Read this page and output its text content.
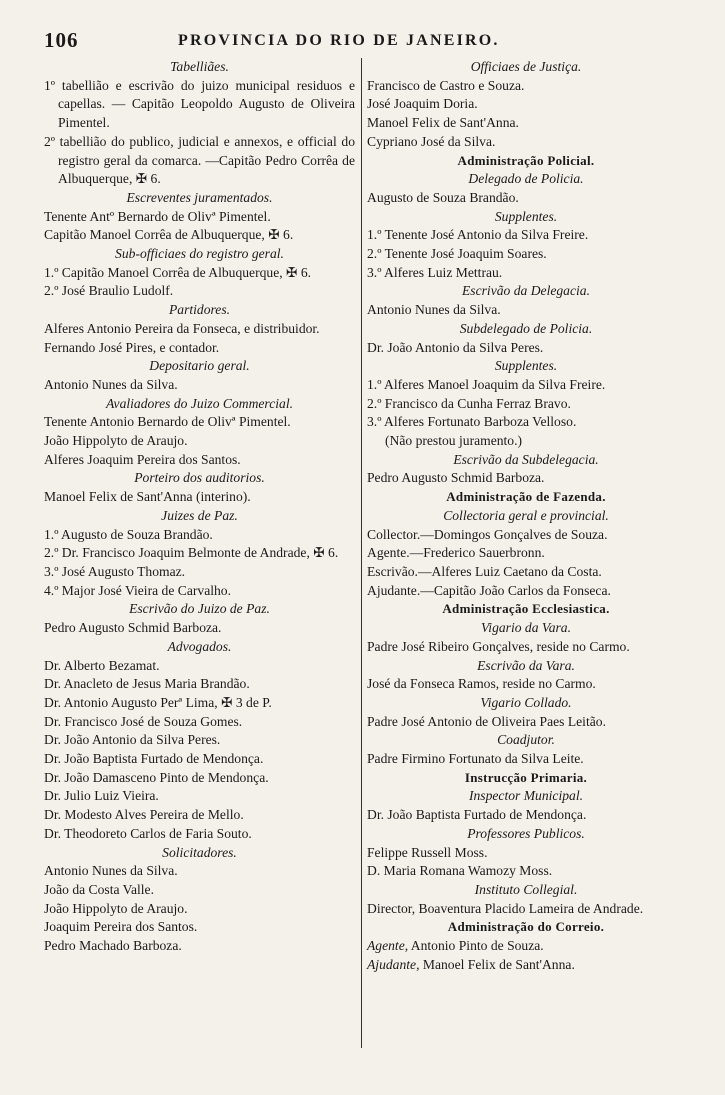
106	PROVINCIA DO RIO DE JANEIRO.

Tabelliães.

1º tabellião e escrivão do juizo municipal residuos e capellas. — Capitão Leopoldo Augusto de Oliveira Pimentel.

2º tabellião do publico, judicial e annexos, e official do registro geral da comarca. —Capitão Pedro Corrêa de Albuquerque, ✠ 6.

Escreventes juramentados.

Tenente Antº Bernardo de Olivª Pimentel.

Capitão Manoel Corrêa de Albuquerque, ✠ 6.

Sub-officiaes do registro geral.

1.º Capitão Manoel Corrêa de Albuquerque, ✠ 6.

2.º José Braulio Ludolf.

Partidores.

Alferes Antonio Pereira da Fonseca, e distribuidor.

Fernando José Pires, e contador.

Depositario geral.

Antonio Nunes da Silva.

Avaliadores do Juizo Commercial.

Tenente Antonio Bernardo de Olivª Pimentel.

João Hippolyto de Araujo.

Alferes Joaquim Pereira dos Santos.

Porteiro dos auditorios.

Manoel Felix de Sant'Anna (interino).

Juizes de Paz.

1.º Augusto de Souza Brandão.

2.º Dr. Francisco Joaquim Belmonte de Andrade, ✠ 6.

3.º José Augusto Thomaz.

4.º Major José Vieira de Carvalho.

Escrivão do Juizo de Paz.

Pedro Augusto Schmid Barboza.

Advogados.

Dr. Alberto Bezamat.

Dr. Anacleto de Jesus Maria Brandão.

Dr. Antonio Augusto Perª Lima, ✠ 3 de P.

Dr. Francisco José de Souza Gomes.

Dr. João Antonio da Silva Peres.

Dr. João Baptista Furtado de Mendonça.

Dr. João Damasceno Pinto de Mendonça.

Dr. Julio Luiz Vieira.

Dr. Modesto Alves Pereira de Mello.

Dr. Theodoreto Carlos de Faria Souto.

Solicitadores.

Antonio Nunes da Silva.

João da Costa Valle.

João Hippolyto de Araujo.

Joaquim Pereira dos Santos.

Pedro Machado Barboza.

Officiaes de Justiça.

Francisco de Castro e Souza.

José Joaquim Doria.

Manoel Felix de Sant'Anna.

Cypriano José da Silva.

Administração Policial.

Delegado de Policia.

Augusto de Souza Brandão.

Supplentes.

1.º Tenente José Antonio da Silva Freire.

2.º Tenente José Joaquim Soares.

3.º Alferes Luiz Mettrau.

Escrivão da Delegacia.

Antonio Nunes da Silva.

Subdelegado de Policia.

Dr. João Antonio da Silva Peres.

Supplentes.

1.º Alferes Manoel Joaquim da Silva Freire.

2.º Francisco da Cunha Ferraz Bravo.

3.º Alferes Fortunato Barboza Velloso.

(Não prestou juramento.)

Escrivão da Subdelegacia.

Pedro Augusto Schmid Barboza.

Administração de Fazenda.

Collectoria geral e provincial.

Collector.—Domingos Gonçalves de Souza.

Agente.—Frederico Sauerbronn.

Escrivão.—Alferes Luiz Caetano da Costa.

Ajudante.—Capitão João Carlos da Fonseca.

Administração Ecclesiastica.

Vigario da Vara.

Padre José Ribeiro Gonçalves, reside no Carmo.

Escrivão da Vara.

José da Fonseca Ramos, reside no Carmo.

Vigario Collado.

Padre José Antonio de Oliveira Paes Leitão.

Coadjutor.

Padre Firmino Fortunato da Silva Leite.

Instrucção Primaria.

Inspector Municipal.

Dr. João Baptista Furtado de Mendonça.

Professores Publicos.

Felippe Russell Moss.

D. Maria Romana Wamozy Moss.

Instituto Collegial.

Director, Boaventura Placido Lameira de Andrade.

Administração do Correio.

Agente, Antonio Pinto de Souza.

Ajudante, Manoel Felix de Sant'Anna.
